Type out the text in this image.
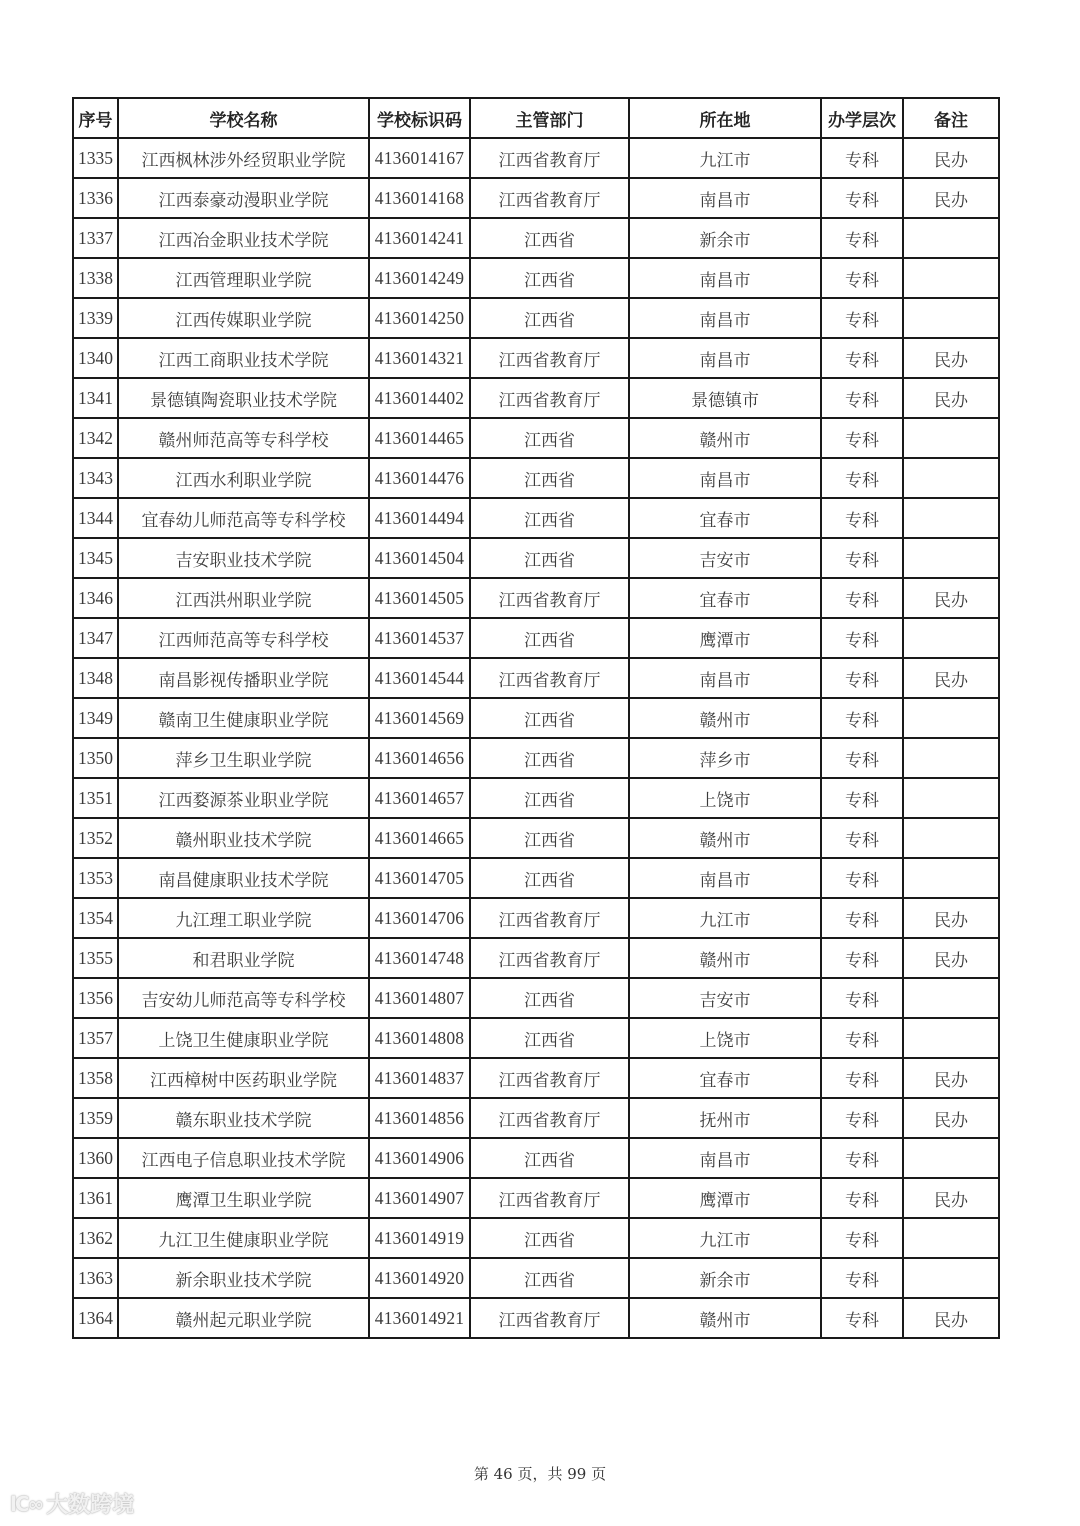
序号	学校名称	学校标识码	主管部门	所在地	办学层次	备注
1335	江西枫林涉外经贸职业学院	4136014167	江西省教育厅	九江市	专科	民办
1336	江西泰豪动漫职业学院	4136014168	江西省教育厅	南昌市	专科	民办
1337	江西冶金职业技术学院	4136014241	江西省	新余市	专科	
1338	江西管理职业学院	4136014249	江西省	南昌市	专科	
1339	江西传媒职业学院	4136014250	江西省	南昌市	专科	
1340	江西工商职业技术学院	4136014321	江西省教育厅	南昌市	专科	民办
1341	景德镇陶瓷职业技术学院	4136014402	江西省教育厅	景德镇市	专科	民办
1342	赣州师范高等专科学校	4136014465	江西省	赣州市	专科	
1343	江西水利职业学院	4136014476	江西省	南昌市	专科	
1344	宜春幼儿师范高等专科学校	4136014494	江西省	宜春市	专科	
1345	吉安职业技术学院	4136014504	江西省	吉安市	专科	
1346	江西洪州职业学院	4136014505	江西省教育厅	宜春市	专科	民办
1347	江西师范高等专科学校	4136014537	江西省	鹰潭市	专科	
1348	南昌影视传播职业学院	4136014544	江西省教育厅	南昌市	专科	民办
1349	赣南卫生健康职业学院	4136014569	江西省	赣州市	专科	
1350	萍乡卫生职业学院	4136014656	江西省	萍乡市	专科	
1351	江西婺源茶业职业学院	4136014657	江西省	上饶市	专科	
1352	赣州职业技术学院	4136014665	江西省	赣州市	专科	
1353	南昌健康职业技术学院	4136014705	江西省	南昌市	专科	
1354	九江理工职业学院	4136014706	江西省教育厅	九江市	专科	民办
1355	和君职业学院	4136014748	江西省教育厅	赣州市	专科	民办
1356	吉安幼儿师范高等专科学校	4136014807	江西省	吉安市	专科	
1357	上饶卫生健康职业学院	4136014808	江西省	上饶市	专科	
1358	江西樟树中医药职业学院	4136014837	江西省教育厅	宜春市	专科	民办
1359	赣东职业技术学院	4136014856	江西省教育厅	抚州市	专科	民办
1360	江西电子信息职业技术学院	4136014906	江西省	南昌市	专科	
1361	鹰潭卫生职业学院	4136014907	江西省教育厅	鹰潭市	专科	民办
1362	九江卫生健康职业学院	4136014919	江西省	九江市	专科	
1363	新余职业技术学院	4136014920	江西省	新余市	专科	
1364	赣州起元职业学院	4136014921	江西省教育厅	赣州市	专科	民办
第 46 页，共 99 页
lC∞ 大数跨境
